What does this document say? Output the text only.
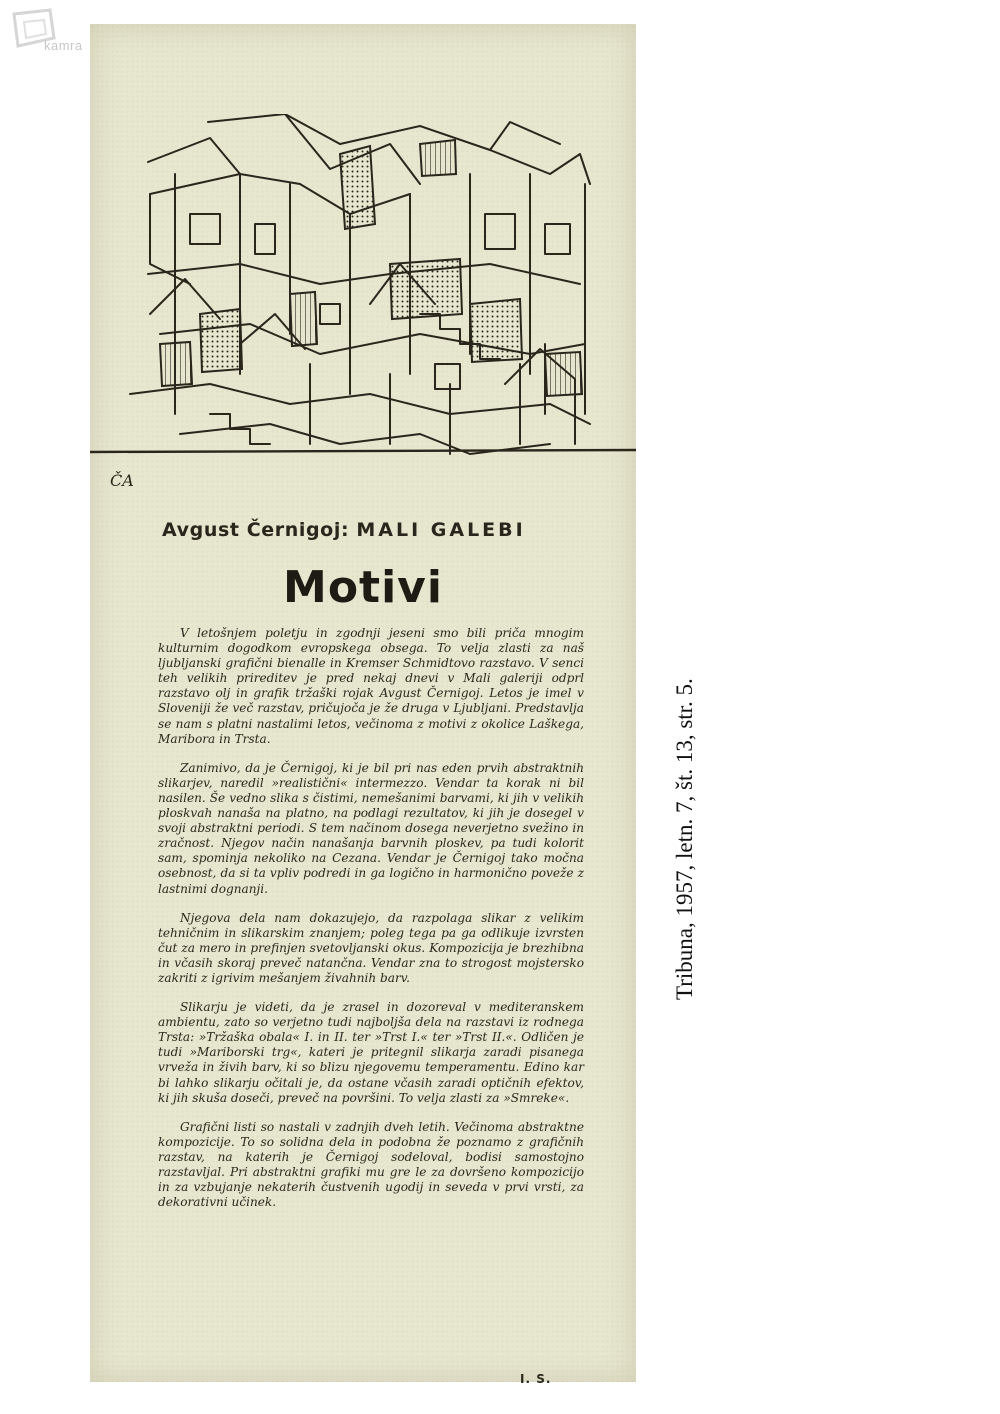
kamra
ČA
Avgust Černigoj: MALI GALEBI
Motivi

V letošnjem poletju in zgodnji jeseni smo bili priča mnogim kulturnim dogodkom evropskega obsega. To velja zlasti za naš ljubljanski grafični bienalle in Kremser Schmidtovo razstavo. V senci teh velikih prireditev je pred nekaj dnevi v Mali galeriji odprl razstavo olj in grafik tržaški rojak Avgust Černigoj. Letos je imel v Sloveniji že več razstav, pričujoča je že druga v Ljubljani. Predstavlja se nam s platni nastalimi letos, večinoma z motivi z okolice Laškega, Maribora in Trsta.

Zanimivo, da je Černigoj, ki je bil pri nas eden prvih abstraktnih slikarjev, naredil »realistični« intermezzo. Vendar ta korak ni bil nasilen. Še vedno slika s čistimi, nemešanimi barvami, ki jih v velikih ploskvah nanaša na platno, na podlagi rezultatov, ki jih je dosegel v svoji abstraktni periodi. S tem načinom dosega neverjetno svežino in zračnost. Njegov način nanašanja barvnih ploskev, pa tudi kolorit sam, spominja nekoliko na Cezana. Vendar je Černigoj tako močna osebnost, da si ta vpliv podredi in ga logično in harmonično poveže z lastnimi dognanji.

Njegova dela nam dokazujejo, da razpolaga slikar z velikim tehničnim in slikarskim znanjem; poleg tega pa ga odlikuje izvrsten čut za mero in prefinjen svetovljanski okus. Kompozicija je brezhibna in včasih skoraj preveč natančna. Vendar zna to strogost mojstersko zakriti z igrivim mešanjem živahnih barv.

Slikarju je videti, da je zrasel in dozoreval v mediteranskem ambientu, zato so verjetno tudi najboljša dela na razstavi iz rodnega Trsta: »Tržaška obala« I. in II. ter »Trst I.« ter »Trst II.«. Odličen je tudi »Mariborski trg«, kateri je pritegnil slikarja zaradi pisanega vrveža in živih barv, ki so blizu njegovemu temperamentu. Edino kar bi lahko slikarju očitali je, da ostane včasih zaradi optičnih efektov, ki jih skuša doseči, preveč na površini. To velja zlasti za »Smreke«.

Grafični listi so nastali v zadnjih dveh letih. Večinoma abstraktne kompozicije. To so solidna dela in podobna že poznamo z grafičnih razstav, na katerih je Černigoj sodeloval, bodisi samostojno razstavljal. Pri abstraktni grafiki mu gre le za dovršeno kompozicijo in za vzbujanje nekaterih čustvenih ugodij in seveda v prvi vrsti, za dekorativni učinek.

I. S.
Tribuna, 1957, letn. 7, št. 13, str. 5.
